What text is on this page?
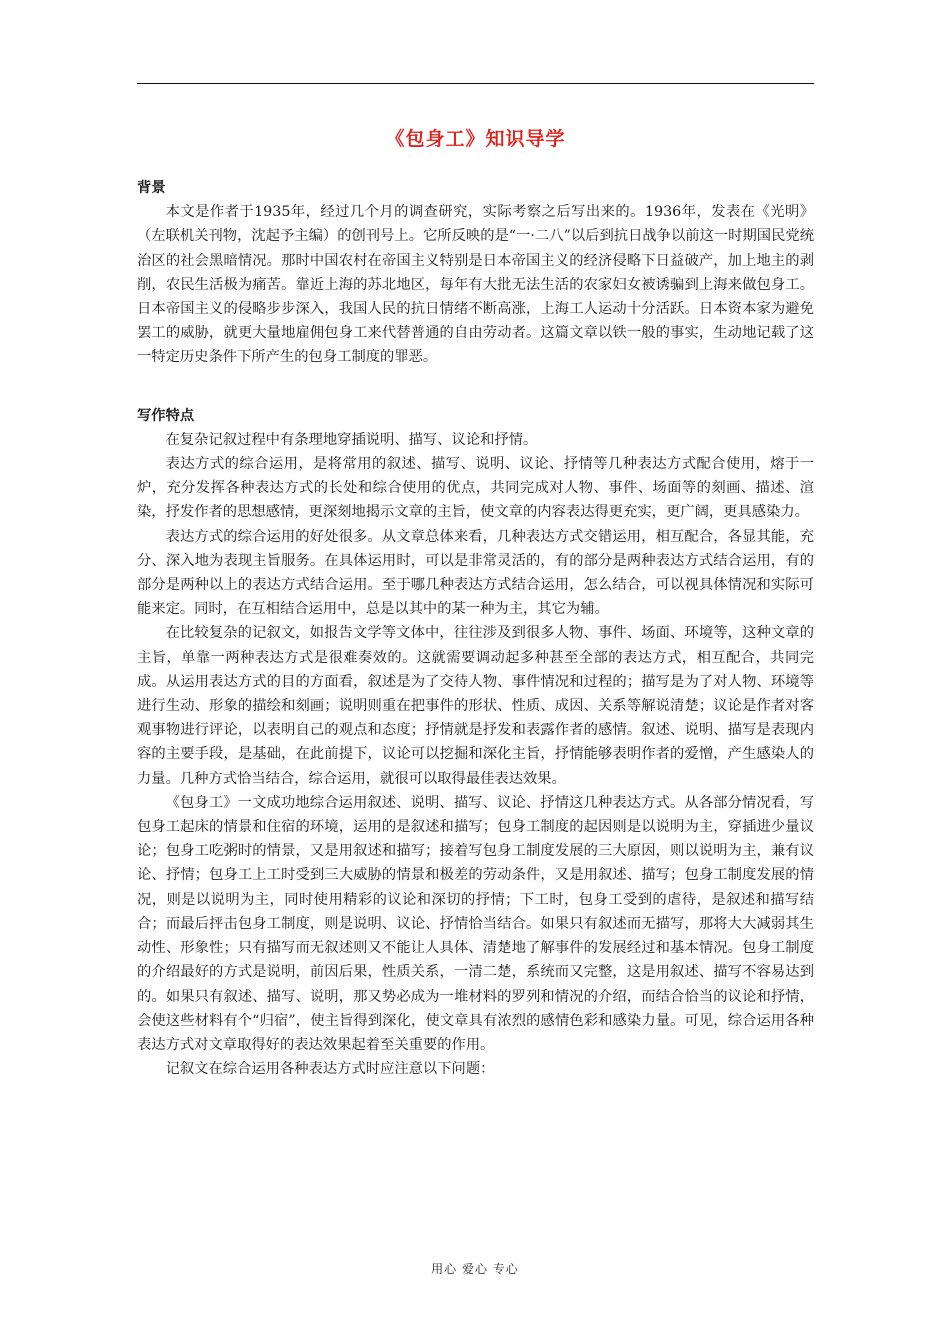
《包身工》知识导学

背景

本文是作者于1935年，经过几个月的调查研究，实际考察之后写出来的。1936年，发表在《光明》（左联机关刊物，沈起予主编）的创刊号上。它所反映的是“一·二八”以后到抗日战争以前这一时期国民党统治区的社会黑暗情况。那时中国农村在帝国主义特别是日本帝国主义的经济侵略下日益破产，加上地主的剥削，农民生活极为痛苦。靠近上海的苏北地区，每年有大批无法生活的农家妇女被诱骗到上海来做包身工。日本帝国主义的侵略步步深入，我国人民的抗日情绪不断高涨，上海工人运动十分活跃。日本资本家为避免罢工的威胁，就更大量地雇佣包身工来代替普通的自由劳动者。这篇文章以铁一般的事实，生动地记载了这一特定历史条件下所产生的包身工制度的罪恶。

写作特点

在复杂记叙过程中有条理地穿插说明、描写、议论和抒情。

表达方式的综合运用，是将常用的叙述、描写、说明、议论、抒情等几种表达方式配合使用，熔于一炉，充分发挥各种表达方式的长处和综合使用的优点，共同完成对人物、事件、场面等的刻画、描述、渲染，抒发作者的思想感情，更深刻地揭示文章的主旨，使文章的内容表达得更充实，更广阔，更具感染力。

表达方式的综合运用的好处很多。从文章总体来看，几种表达方式交错运用，相互配合，各显其能，充分、深入地为表现主旨服务。在具体运用时，可以是非常灵活的，有的部分是两种表达方式结合运用，有的部分是两种以上的表达方式结合运用。至于哪几种表达方式结合运用，怎么结合，可以视具体情况和实际可能来定。同时，在互相结合运用中，总是以其中的某一种为主，其它为辅。

在比较复杂的记叙文，如报告文学等文体中，往往涉及到很多人物、事件、场面、环境等，这种文章的主旨，单靠一两种表达方式是很难奏效的。这就需要调动起多种甚至全部的表达方式，相互配合，共同完成。从运用表达方式的目的方面看，叙述是为了交待人物、事件情况和过程的；描写是为了对人物、环境等进行生动、形象的描绘和刻画；说明则重在把事件的形状、性质、成因、关系等解说清楚；议论是作者对客观事物进行评论，以表明自己的观点和态度；抒情就是抒发和表露作者的感情。叙述、说明、描写是表现内容的主要手段，是基础，在此前提下，议论可以挖掘和深化主旨，抒情能够表明作者的爱憎，产生感染人的力量。几种方式恰当结合，综合运用，就很可以取得最佳表达效果。

《包身工》一文成功地综合运用叙述、说明、描写、议论、抒情这几种表达方式。从各部分情况看，写包身工起床的情景和住宿的环境，运用的是叙述和描写；包身工制度的起因则是以说明为主，穿插进少量议论；包身工吃粥时的情景，又是用叙述和描写；接着写包身工制度发展的三大原因，则以说明为主，兼有议论、抒情；包身工上工时受到三大威胁的情景和极差的劳动条件，又是用叙述、描写；包身工制度发展的情况，则是以说明为主，同时使用精彩的议论和深切的抒情；下工时，包身工受到的虐待，是叙述和描写结合；而最后抨击包身工制度，则是说明、议论、抒情恰当结合。如果只有叙述而无描写，那将大大减弱其生动性、形象性；只有描写而无叙述则又不能让人具体、清楚地了解事件的发展经过和基本情况。包身工制度的介绍最好的方式是说明，前因后果，性质关系，一清二楚，系统而又完整，这是用叙述、描写不容易达到的。如果只有叙述、描写、说明，那又势必成为一堆材料的罗列和情况的介绍，而结合恰当的议论和抒情，会使这些材料有个“归宿”，使主旨得到深化，使文章具有浓烈的感情色彩和感染力量。可见，综合运用各种表达方式对文章取得好的表达效果起着至关重要的作用。

记叙文在综合运用各种表达方式时应注意以下问题：

用心 爱心 专心
